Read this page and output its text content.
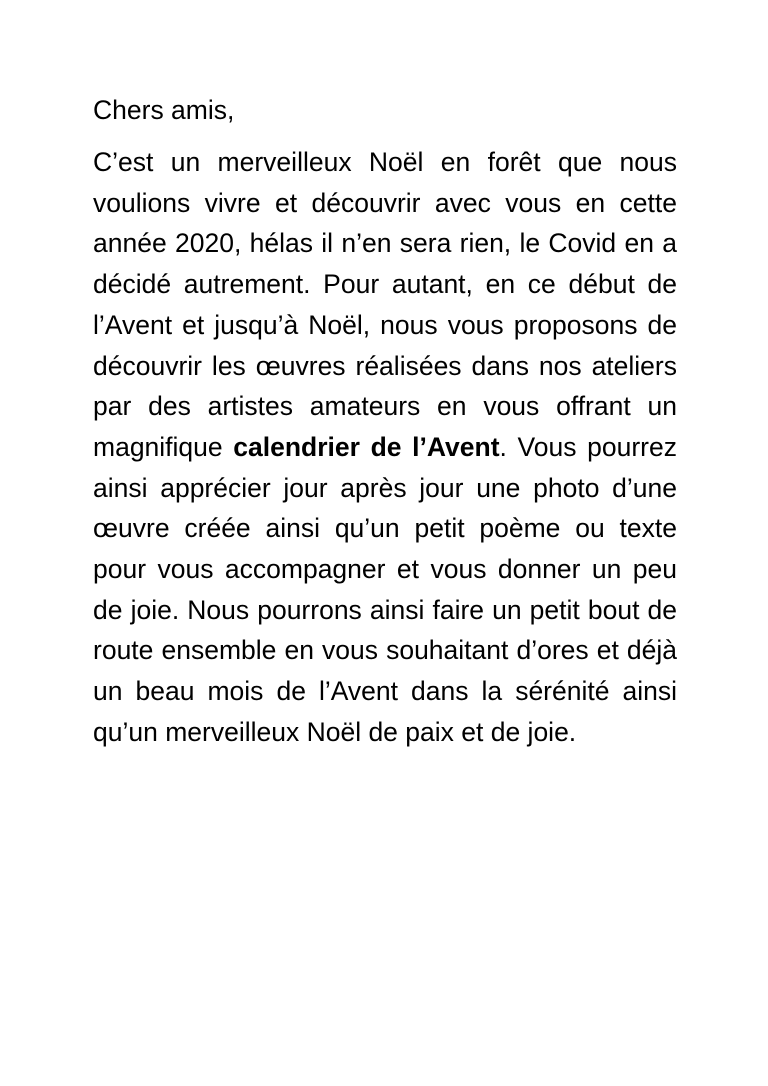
Chers amis,

C’est un merveilleux Noël en forêt que nous voulions vivre et découvrir avec vous en cette année 2020, hélas il n’en sera rien, le Covid en a décidé autrement. Pour autant, en ce début de l’Avent et jusqu’à Noël, nous vous proposons de découvrir les œuvres réalisées dans nos ateliers par des artistes amateurs en vous offrant un magnifique calendrier de l’Avent. Vous pourrez ainsi apprécier jour après jour une photo d’une œuvre créée ainsi qu’un petit poème ou texte pour vous accompagner et vous donner un peu de joie. Nous pourrons ainsi faire un petit bout de route ensemble en vous souhaitant d’ores et déjà un beau mois de l’Avent dans la sérénité ainsi qu’un merveilleux Noël de paix et de joie.
